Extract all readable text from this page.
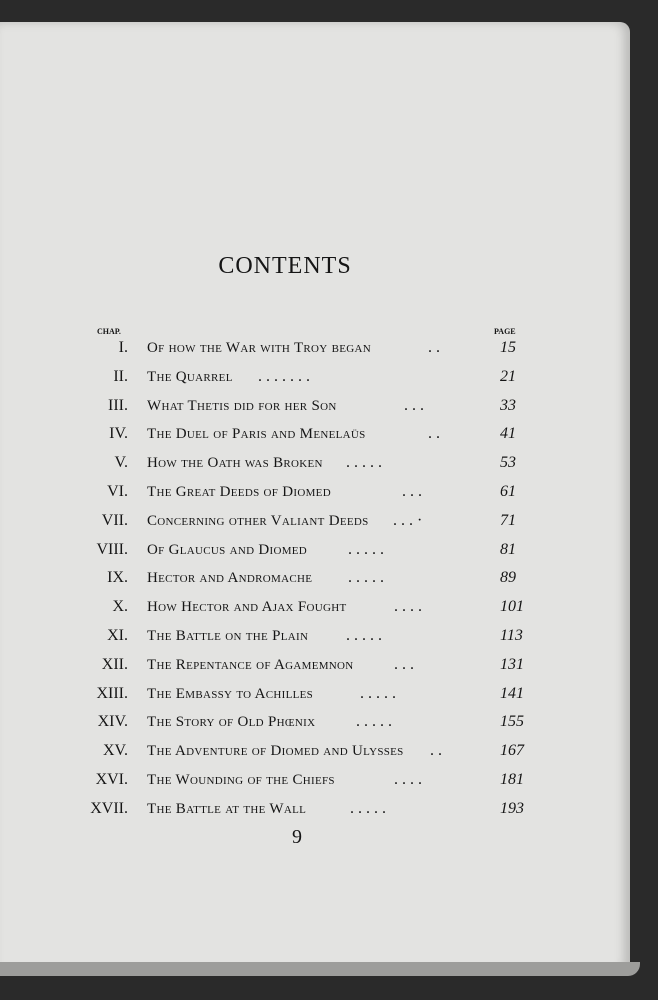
CONTENTS
CHAP.	PAGE
I. Of how the War with Troy began	. .	15
II. The Quarrel . . . . . . .	21
III. What Thetis did for her Son	. . .	33
IV. The Duel of Paris and Menelaüs	. .	41
V. How the Oath was Broken . . . . .	53
VI. The Great Deeds of Diomed	. . .	61
VII. Concerning other Valiant Deeds . . . ·	71
VIII. Of Glaucus and Diomed	. . . . .	81
IX. Hector and Andromache . . . . .	89
X. How Hector and Ajax Fought	. . . .	101
XI. The Battle on the Plain . . . . .	113
XII. The Repentance of Agamemnon	. . .	131
XIII. The Embassy to Achilles	. . . . .	141
XIV. The Story of Old Phœnix	. . . . .	155
XV. The Adventure of Diomed and Ulysses . .	167
XVI. The Wounding of the Chiefs	. . . .	181
XVII. The Battle at the Wall	. . . . .	193
9
